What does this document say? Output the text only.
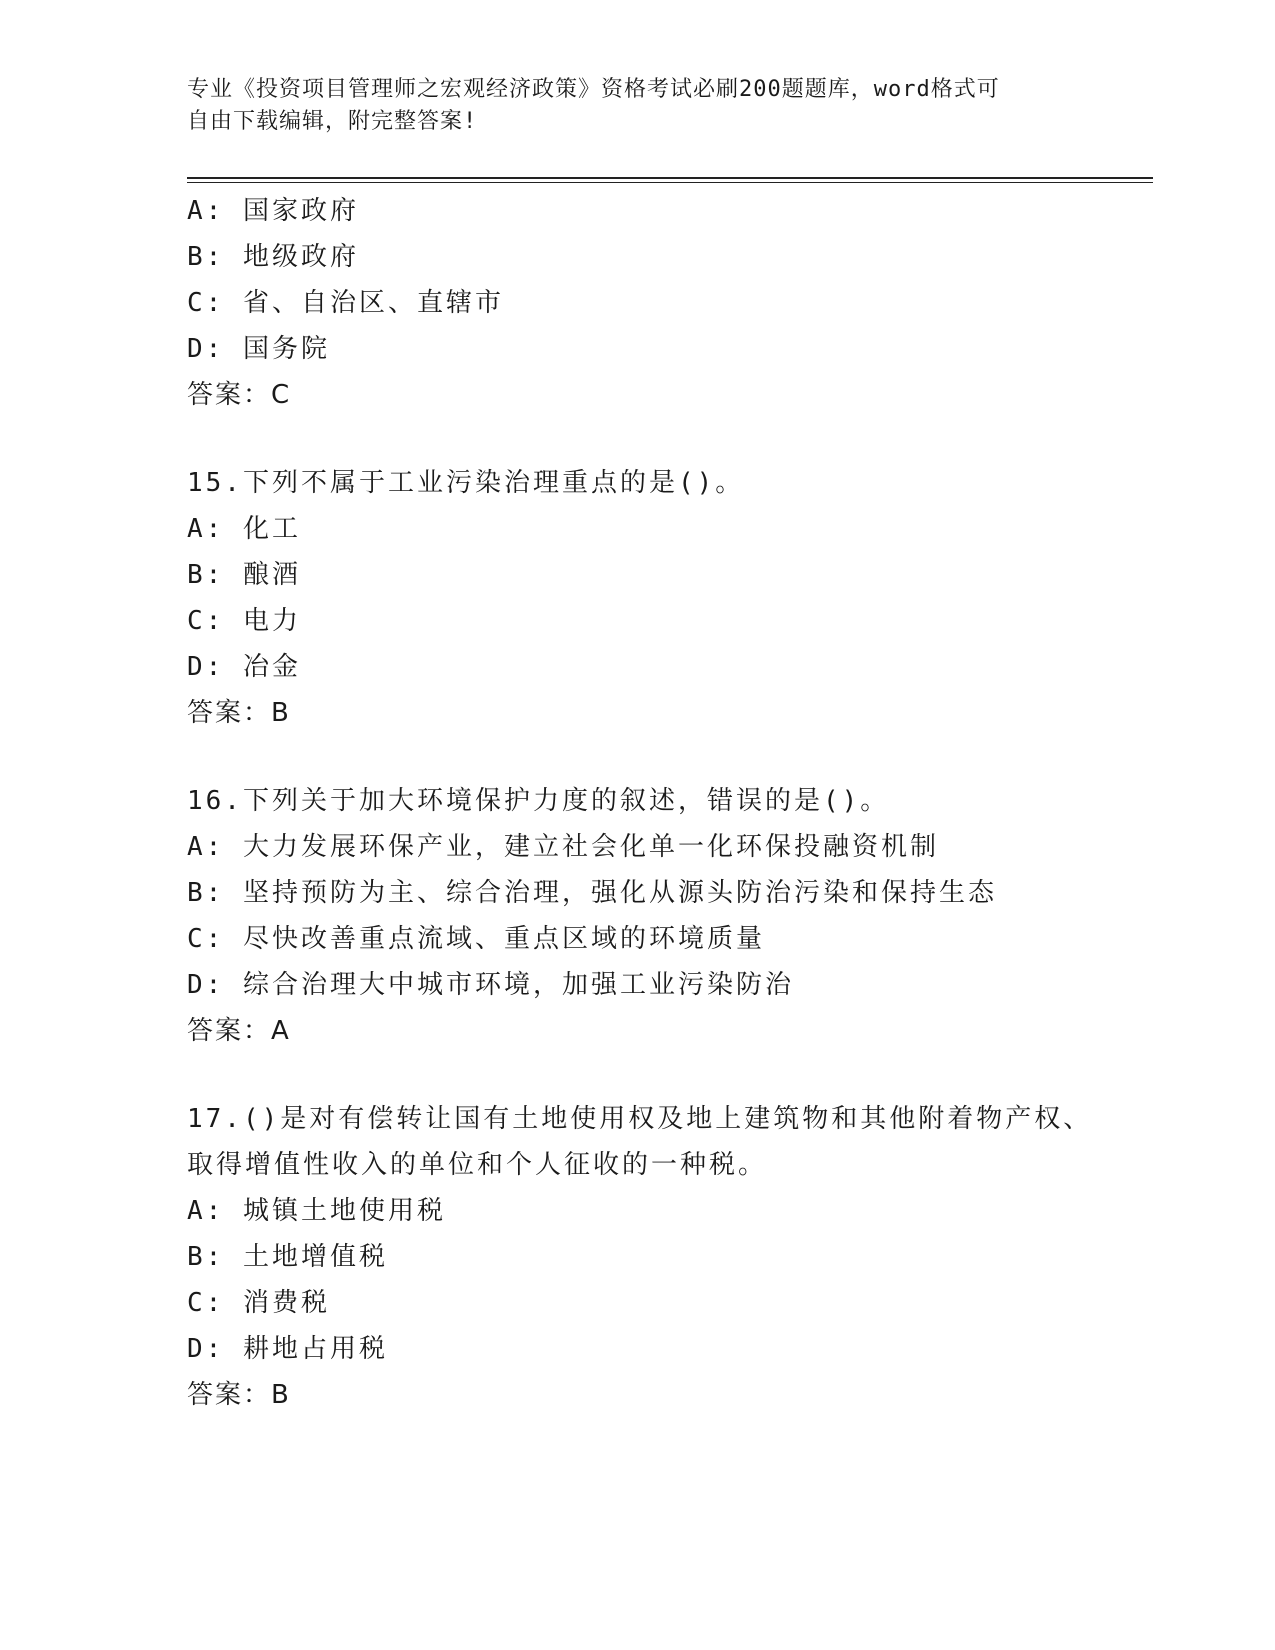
专业《投资项目管理师之宏观经济政策》资格考试必刷200题题库，word格式可
自由下载编辑，附完整答案!
A: 国家政府
B: 地级政府
C: 省、自治区、直辖市
D: 国务院
答案：C
15.下列不属于工业污染治理重点的是()。
A: 化工
B: 酿酒
C: 电力
D: 冶金
答案：B
16.下列关于加大环境保护力度的叙述，错误的是()。
A: 大力发展环保产业，建立社会化单一化环保投融资机制
B: 坚持预防为主、综合治理，强化从源头防治污染和保持生态
C: 尽快改善重点流域、重点区域的环境质量
D: 综合治理大中城市环境，加强工业污染防治
答案：A
17.()是对有偿转让国有土地使用权及地上建筑物和其他附着物产权、
取得增值性收入的单位和个人征收的一种税。
A: 城镇土地使用税
B: 土地增值税
C: 消费税
D: 耕地占用税
答案：B
